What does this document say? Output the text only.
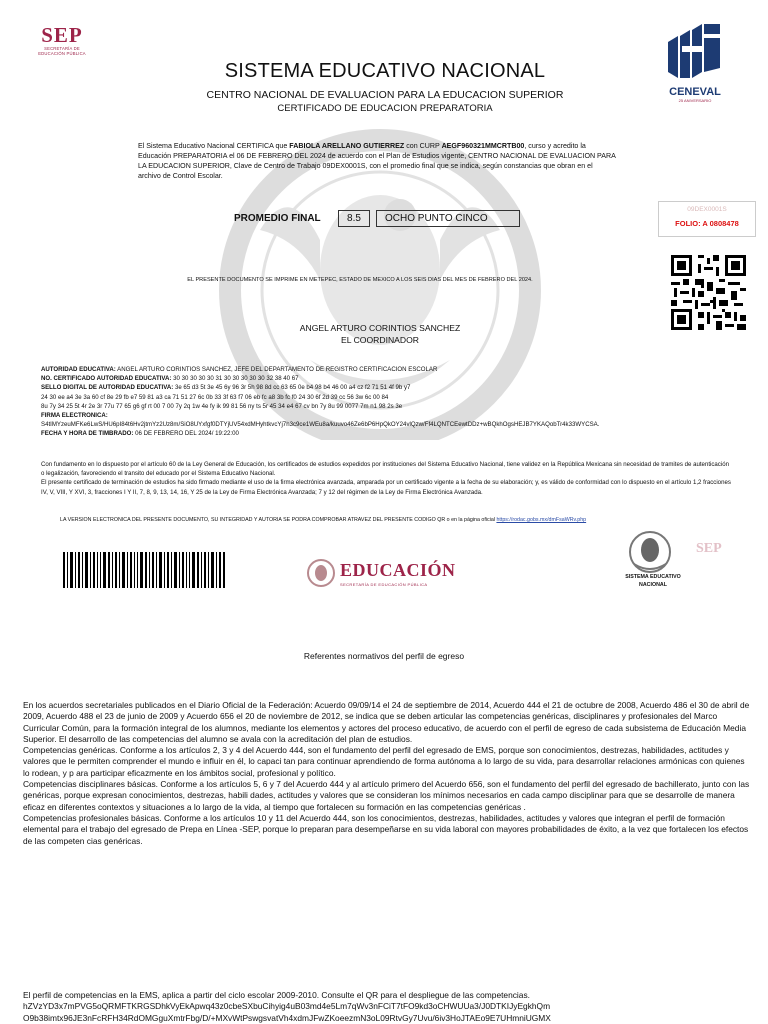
SEP
SECRETARÍA DE EDUCACIÓN PÚBLICA
SISTEMA EDUCATIVO NACIONAL
CENTRO NACIONAL DE EVALUACION PARA LA EDUCACION SUPERIOR
CERTIFICADO DE EDUCACION PREPARATORIA
CENEVAL
25 ANIVERSARIO
El Sistema Educativo Nacional CERTIFICA que FABIOLA ARELLANO GUTIERREZ con CURP AEGF960321MMCRTB00, curso y acredito la Educación PREPARATORIA el 06 DE FEBRERO DEL 2024 de acuerdo con el Plan de Estudios vigente, CENTRO NACIONAL DE EVALUACION PARA LA EDUCACION SUPERIOR, Clave de Centro de Trabajo 09DEX0001S, con el promedio final que se indica, según constancias que obran en el archivo de Control Escolar.
PROMEDIO FINAL	8.5	OCHO PUNTO CINCO
09DEX0001S
FOLIO: A 0808478
EL PRESENTE DOCUMENTO SE IMPRIME EN METEPEC, ESTADO DE MEXICO A LOS SEIS DIAS DEL MES DE FEBRERO DEL 2024.
ANGEL ARTURO CORINTIOS SANCHEZ
EL COORDINADOR
AUTORIDAD EDUCATIVA: ANGEL ARTURO CORINTIOS SANCHEZ, JEFE DEL DEPARTAMENTO DE REGISTRO CERTIFICACION ESCOLAR
NO. CERTIFICADO AUTORIDAD EDUCATIVA: 30 30 30 30 30 31 30 30 30 30 30 32 38 40 67
SELLO DIGITAL DE AUTORIDAD EDUCATIVA: 3e 65 d3 5t 3e 45 6y 96 3r 5h 98 8d cc 63 65 0e b4 98 b4 46 00 a4 cz f2 71 51 4f 9b y7
24 30 ee a4 3e 3a 60 cf 8e 29 fb e7 59 81 a3 ca 71 51 27 6c 0b 33 3f 63 f7 06 eb fc a8 3b fc f0 24 30 6f 2d 39 cc 56 3w 6c 00 84
8u 7y 34 25 5t 4r 2e 3r 77u 77 65 g6 gf rt 00 7 00 7y 2q 1w 4e fy ik 99 81 56 ny ts 5r 45 34 e4 67 cv bn 7y 8u 99 0077 7m n1 98 2s 3e
FIRMA ELECTRONICA:
S4tIMYzeuMFKe6LwS/HU6pI84t6Hv2jtmYz2Uz8m/SiO8UYxfgf0DTYjUV54xdMHyhtkvcYj7h3c9ce1WEu8a/kuuvo46Ze6bP6HpQkOY24vlQzw/Ff4LQNTCEewtDDz+wBQkhOgsHEJB7YKAQobTr4k33WYCSA.
FECHA Y HORA DE TIMBRADO: 06 DE FEBRERO DEL 2024/ 19:22:00
Con fundamento en lo dispuesto por el artículo 60 de la Ley General de Educación, los certificados de estudios expedidos por instituciones del Sistema Educativo Nacional, tiene validez en la República Mexicana sin necesidad de tramites de autenticación o legalización, favoreciendo el transito del educado por el Sistema Educativo Nacional.
El presente certificado de terminación de estudios ha sido firmado mediante el uso de la firma electrónica avanzada, amparada por un certificado vigente a la fecha de su elaboración; y, es válido de conformidad con lo dispuesto en el artículo 1,2 fracciones IV, V, VIII, Y XVI, 3, fracciones I Y II, 7, 8, 9, 13, 14, 16, Y 25 de la Ley de Firma Electrónica Avanzada; 7 y 12 del régimen de la Ley de Firma Electrónica Avanzada.
LA VERSION ELECTRONICA DEL PRESENTE DOCUMENTO, SU INTEGRIDAD Y AUTORIA SE PODRA COMPROBAR ATRAVEZ DEL PRESENTE CODIGO QR o en la página oficial https://rodac.gobs.mx/dmFsaWRv.php
EDUCACIÓN
SECRETARÍA DE EDUCACIÓN PÚBLICA
SEP
SISTEMA EDUCATIVO
NACIONAL
Referentes normativos del perfil de egreso

En los acuerdos secretariales publicados en el Diario Oficial de la Federación: Acuerdo 09/09/14 el 24 de septiembre de 2014, Acuerdo 444 el 21 de octubre de 2008, Acuerdo 486 el 30 de abril de 2009, Acuerdo 488 el 23 de junio de 2009 y Acuerdo 656 el 20 de noviembre de 2012, se indica que se deben articular las competencias genéricas, disciplinares y profesionales del Marco Curricular Común, para la formación integral de los alumnos, mediante los elementos y actores del proceso educativo, de acuerdo con el perfil de egreso de cada subsistema de Educación Media Superior. El desarrollo de las competencias del alumno se avala con la acreditación del plan de estudios.

Competencias genéricas. Conforme a los artículos 2, 3 y 4 del Acuerdo 444, son el fundamento del perfil del egresado de EMS, porque son conocimientos, destrezas, habilidades, actitudes y valores que le permiten comprender el mundo e influir en él, lo capaci tan para continuar aprendiendo de forma autónoma a lo largo de su vida, para desarrollar relaciones armónicas con quienes lo rodean, y p ara participar eficazmente en los ámbitos social, profesional y político.

Competencias disciplinares básicas. Conforme a los artículos 5, 6 y 7 del Acuerdo 444 y al artículo primero del Acuerdo 656, son el fundamento del perfil del egresado de bachillerato, junto con las genéricas, porque expresan conocimientos, destrezas, habili dades, actitudes y valores que se consideran los mínimos necesarios en cada campo disciplinar para que se desarrolle de manera eficaz en diferentes contextos y situaciones a lo largo de la vida, al tiempo que fortalecen su formación en las competencias genéricas .

Competencias profesionales básicas. Conforme a los artículos 10 y 11 del Acuerdo 444, son los conocimientos, destrezas, habilidades, actitudes y valores que integran el perfil de formación elemental para el trabajo del egresado de Prepa en Línea -SEP, porque lo preparan para desempeñarse en su vida laboral con mayores probabilidades de éxito, a la vez que fortalecen los efectos de las competen cias genéricas.

El perfil de competencias en la EMS, aplica a partir del ciclo escolar 2009-2010. Consulte el QR para el despliegue de las competencias.
hZVzYD3x7mPVG5oQRMFTKRGSDhkVyEkApwq43z0cbeSXbuCihyig4uB03md4e5Lm7qWv3nFCiT7tFO9kd3oCHWUUa3/J0DTKIJyEgkhQm
O9b38imtx96JE3nFcRFH34RdOMGguXmtrFbg/D/+MXvWtPswgsvatVh4xdmJFwZKoeezmN3oL09RtvGy7Uvu/6iv3HoJTAEo9E7UHmniUGMX
